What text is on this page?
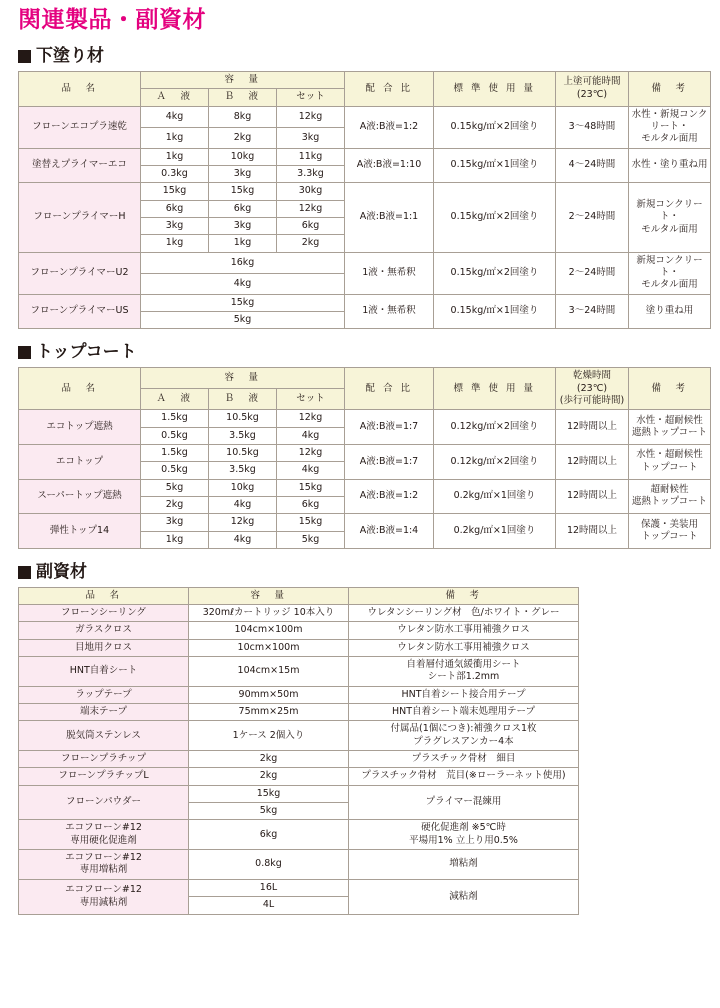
関連製品・副資材
下塗り材
品　名	容　量			配 合 比	標 準 使 用 量	上塗可能時間
(23℃)	備　考
	Ａ　液	Ｂ　液	セット				
フローンエコプラ速乾	4kg	8kg	12kg	A液:B液=1:2	0.15kg/㎡×2回塗り	3〜48時間	水性・新規コンクリート・
モルタル面用
	1kg	2kg	3kg				
塗替えプライマーエコ	1kg	10kg	11kg	A液:B液=1:10	0.15kg/㎡×1回塗り	4〜24時間	水性・塗り重ね用
	0.3kg	3kg	3.3kg				
フローンプライマーH	15kg	15kg	30kg	A液:B液=1:1	0.15kg/㎡×2回塗り	2〜24時間	新規コンクリート・
モルタル面用
	6kg	6kg	12kg				
	3kg	3kg	6kg				
	1kg	1kg	2kg				
フローンプライマーU2	16kg			1液・無希釈	0.15kg/㎡×2回塗り	2〜24時間	新規コンクリート・
モルタル面用
	4kg						
フローンプライマーUS	15kg			1液・無希釈	0.15kg/㎡×1回塗り	3〜24時間	塗り重ね用
	5kg						
トップコート
品　名	容　量			配 合 比	標 準 使 用 量	乾燥時間(23℃)
(歩行可能時間)	備　考
	Ａ　液	Ｂ　液	セット				
エコトップ遮熱	1.5kg	10.5kg	12kg	A液:B液=1:7	0.12kg/㎡×2回塗り	12時間以上	水性・超耐候性
遮熱トップコート
	0.5kg	3.5kg	4kg				
エコトップ	1.5kg	10.5kg	12kg	A液:B液=1:7	0.12kg/㎡×2回塗り	12時間以上	水性・超耐候性
トップコート
	0.5kg	3.5kg	4kg				
スーパートップ遮熱	5kg	10kg	15kg	A液:B液=1:2	0.2kg/㎡×1回塗り	12時間以上	超耐候性
遮熱トップコート
	2kg	4kg	6kg				
弾性トップ14	3kg	12kg	15kg	A液:B液=1:4	0.2kg/㎡×1回塗り	12時間以上	保護・美装用
トップコート
	1kg	4kg	5kg				
副資材
品　名	容　量	備　考
フローンシーリング	320mℓカートリッジ 10本入り	ウレタンシーリング材　色/ホワイト・グレー
ガラスクロス	104cm×100m	ウレタン防水工事用補強クロス
目地用クロス	10cm×100m	ウレタン防水工事用補強クロス
HNT自着シート	104cm×15m	自着層付通気緩衝用シート
シート部1.2mm
ラップテープ	90mm×50m	HNT自着シート接合用テープ
端末テープ	75mm×25m	HNT自着シート端末処理用テープ
脱気筒ステンレス	1ケース 2個入り	付属品(1個につき):補強クロス1枚
プラグレスアンカー4本
フローンプラチップ	2kg	プラスチック骨材　細目
フローンプラチップL	2kg	プラスチック骨材　荒目(※ローラーネット使用)
フローンパウダー	15kg	プライマー混練用
	5kg	
エコフローン#12
専用硬化促進剤	6kg	硬化促進剤 ※5℃時
平場用1% 立上り用0.5%
エコフローン#12
専用増粘剤	0.8kg	増粘剤
エコフローン#12
専用減粘剤	16L	減粘剤
	4L	
